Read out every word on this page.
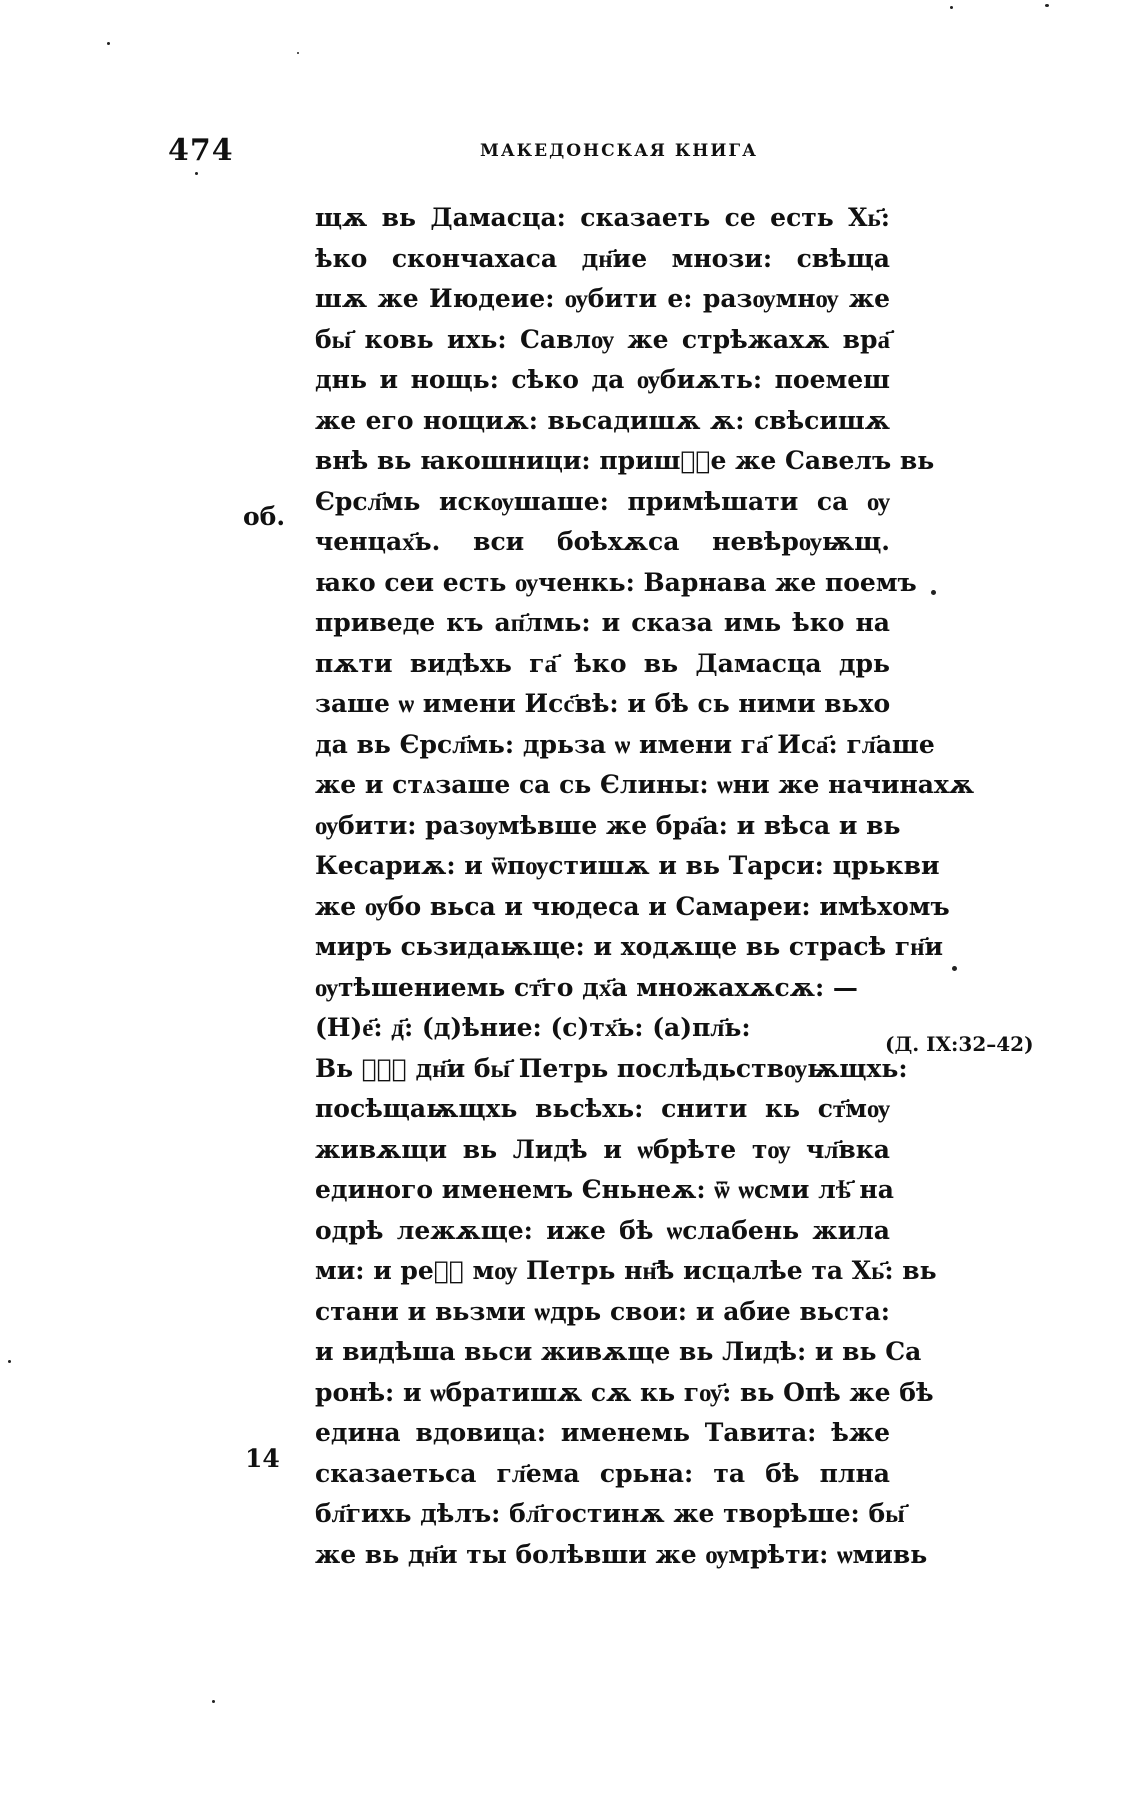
474	МАКЕДОНСКАЯ КНИГА
об.
14
(Д. IX:32–42)
щѫ вь Дамасца: сказаеть се есть Хь҃:
ѣко скончахаса дн҃ие мнози: свѣща
шѫ же Июдеие: ѹбити е: разѹмнѹ же
бы҃ ковь ихь: Савлѹ же стрѣжахѫ вра҃
днь и нощь: сѣко да ѹбиѫть: поемеш
же его нощиѫ: вьсадишѫ ѫ: свѣсишѫ
внѣ вь ꙗкошници: пришⷭ҇е же Савелъ вь
Єрсл҃мь искѹшаше: примѣшати са ѹ
ченцах҃ь. вси боѣхѫса невѣрѹѭщ.
ꙗко сеи есть ѹченкь: Варнава же поемъ
приведе къ ап҃лмь: и сказа имь ѣко на
пѫти видѣхь га҃ ѣко вь Дамасца дрь
заше ѡ имени Исс҃вѣ: и бѣ сь ними вьхо
да вь Єрсл҃мь: дрьза ѡ имени га҃ Иса҃: гл҃аше
же и стѧзаше са сь Єлины: ѡни же начинахѫ
ѹбити: разѹмѣвше же бра҃а: и вѣса и вь
Кесариѫ: и ѿпѹстишѫ и вь Тарси: црькви
же ѹбо вьса и чюдеса и Самареи: имѣхомъ
миръ сьзидаѭще: и ходѫще вь страсѣ гн҃и
ѹтѣшениемь ст҃го дх҃а множахѫсѫ: —
(Н)е҃: д҃: (д)ѣние: (с)тх҃ь: (а)пл҃ь:
Вь ѡⷩ҇ дн҃и бы҃ Петрь послѣдьствѹѭщхь:
посѣщаѭщхь вьсѣхь: снити кь ст҃мѹ
живѫщи вь Лидѣ и ѡбрѣте тѹ чл҃вка
единого именемъ Єньнеѫ: ѿ ѡсми лѣ҃ на
одрѣ лежѫще: иже бѣ ѡслабень жила
ми: и реⷱ҇ мѹ Петрь нн҃ѣ исцалѣе та Хь҃: вь
стани и вьзми ѡдрь свои: и абие вьста:
и видѣша вьси живѫще вь Лидѣ: и вь Са
ронѣ: и ѡбратишѫ сѫ кь гѹ҃: вь Опѣ же бѣ
едина вдовица: именемь Тавита: ѣже
сказаетьса гл҃ема срьна: та бѣ плна
бл҃гихь дѣлъ: бл҃гостинѫ же творѣше: бы҃
же вь дн҃и ты болѣвши же ѹмрѣти: ѡмивь
